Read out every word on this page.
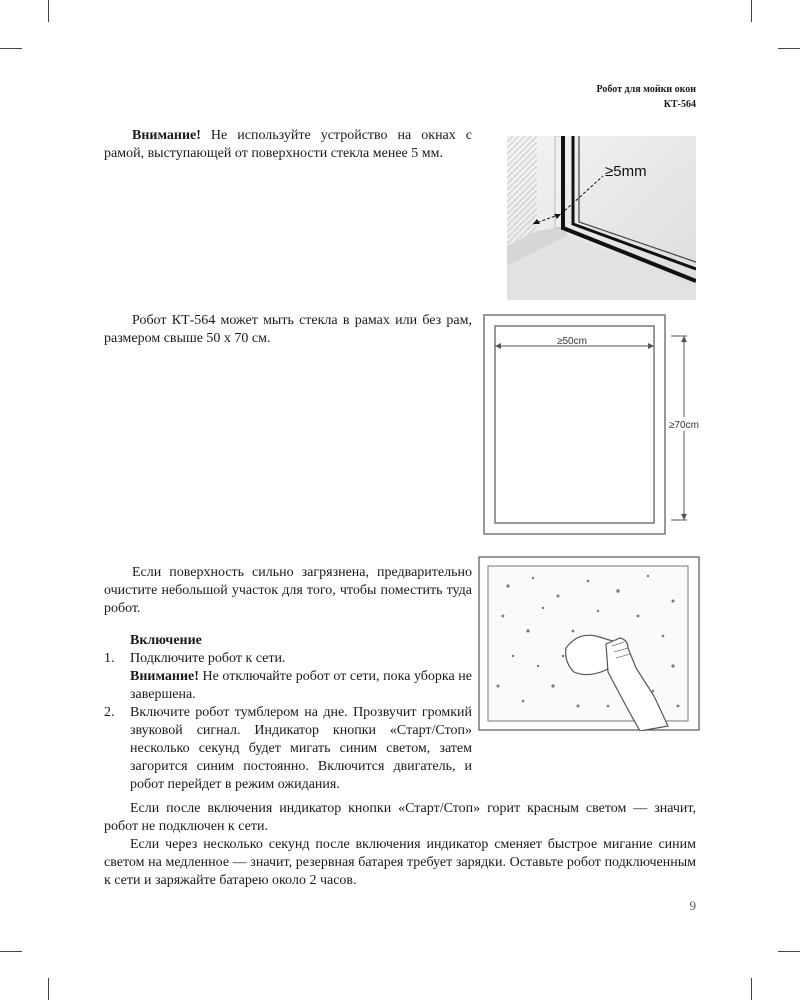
Робот для мойки окон
КТ-564
Внимание! Не используйте устройство на окнах с рамой, выступающей от поверхности стекла менее 5 мм.
≥5mm
Робот КТ-564 может мыть стекла в рамах или без рам, размером свыше 50 х 70 см.	≥50cm
≥70cm
Если поверхность сильно загрязнена, предварительно очистите небольшой участок для того, чтобы поместить туда робот.
Включение
1. Подключите робот к сети.
Внимание! Не отключайте робот от сети, пока уборка не завершена.
2. Включите робот тумблером на дне. Прозвучит громкий звуковой сигнал. Индикатор кнопки «Старт/Стоп» несколько секунд будет мигать синим светом, затем загорится синим постоянно. Включится двигатель, и робот перейдет в режим ожидания.
Если после включения индикатор кнопки «Старт/Стоп» горит красным светом — значит, робот не подключен к сети.
Если через несколько секунд после включения индикатор сменяет быстрое мигание синим светом на медленное — значит, резервная батарея требует зарядки. Оставьте робот подключенным к сети и заряжайте батарею около 2 часов.
9
